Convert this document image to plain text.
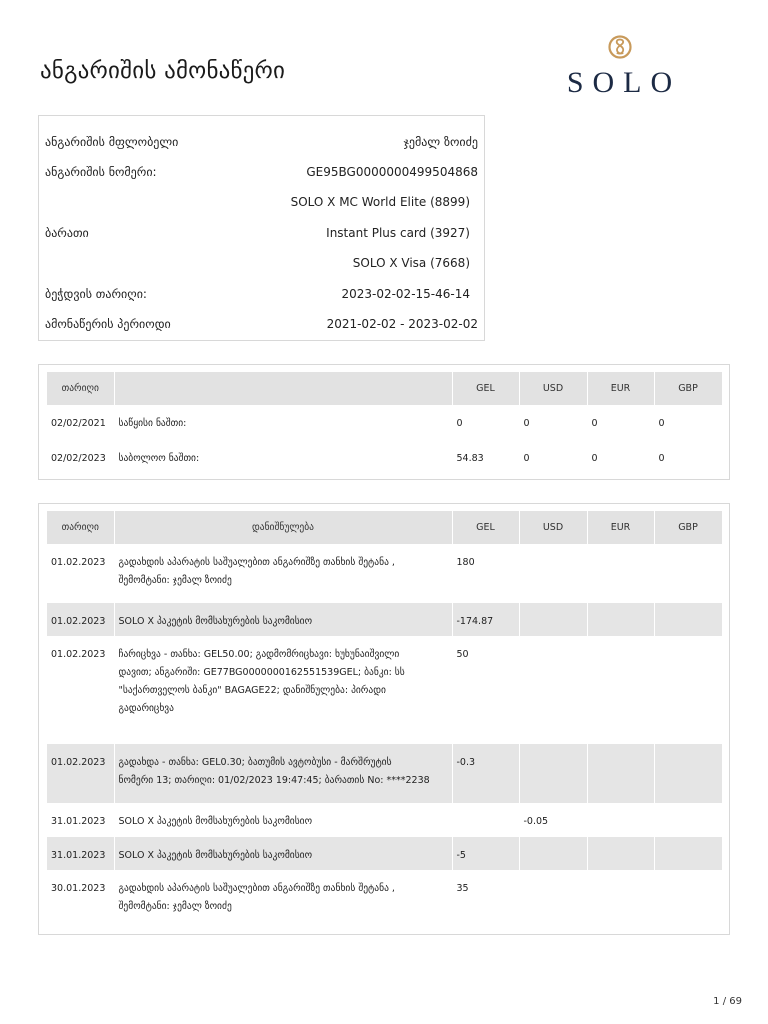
ანგარიშის ამონაწერი	SOLO
ანგარიშის მფლობელი	ჯემალ ზოიძე
ანგარიშის ნომერი:	GE95BG0000000499504868
SOLO X MC World Elite (8899)
ბარათი	Instant Plus card (3927)
SOLO X Visa (7668)
ბეჭდვის თარიღი:	2023-02-02-15-46-14
ამონაწერის პერიოდი	2021-02-02 - 2023-02-02
თარიღი		GEL	USD	EUR	GBP
02/02/2021	საწყისი ნაშთი:	0	0	0	0
02/02/2023	საბოლოო ნაშთი:	54.83	0	0	0
თარიღი	დანიშნულება	GEL	USD	EUR	GBP
01.02.2023	გადახდის აპარატის საშუალებით ანგარიშზე თანხის შეტანა ,
შემომტანი: ჯემალ ზოიძე	180			
01.02.2023	SOLO X პაკეტის მომსახურების საკომისიო	-174.87			
01.02.2023	ჩარიცხვა - თანხა: GEL50.00; გადმომრიცხავი: ხუხუნაიშვილი
დავით; ანგარიში: GE77BG0000000162551539GEL; ბანკი: სს
"საქართველოს ბანკი" BAGAGE22; დანიშნულება: პირადი
გადარიცხვა	50			
01.02.2023	გადახდა - თანხა: GEL0.30; ბათუმის ავტობუსი - მარშრუტის
ნომერი 13; თარიღი: 01/02/2023 19:47:45; ბარათის No: ****2238	-0.3			
31.01.2023	SOLO X პაკეტის მომსახურების საკომისიო		-0.05		
31.01.2023	SOLO X პაკეტის მომსახურების საკომისიო	-5			
30.01.2023	გადახდის აპარატის საშუალებით ანგარიშზე თანხის შეტანა ,
შემომტანი: ჯემალ ზოიძე	35			
1 / 69
